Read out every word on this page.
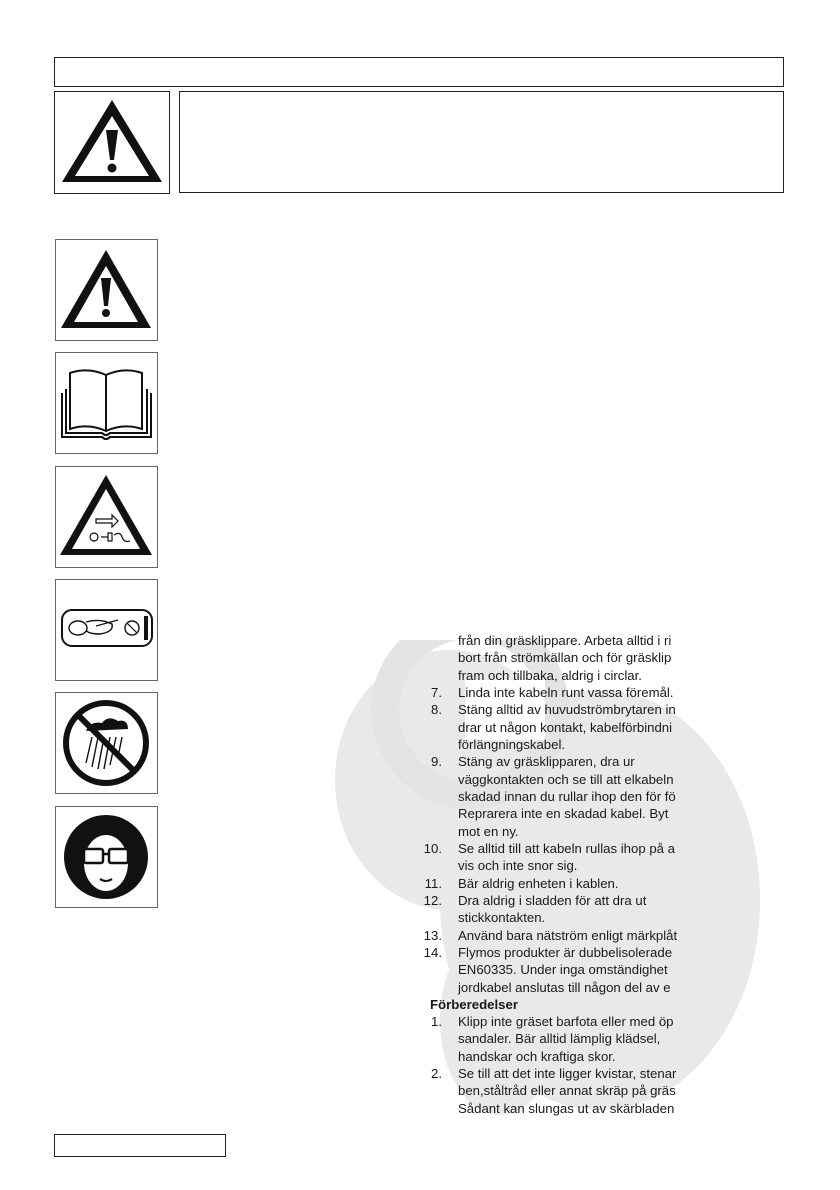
7.
8.
9.
10.
11.
12.
13.
14.
1.
2.
från din gräsklippare. Arbeta alltid i ri
bort från strömkällan och för gräsklip
fram och tillbaka, aldrig i circlar.
Linda inte kabeln runt vassa föremål.
Stäng alltid av huvudströmbrytaren in
drar ut någon kontakt, kabelförbindni
förlängningskabel.
Stäng av gräsklipparen, dra ur
väggkontakten och se till att elkabeln
skadad innan du rullar ihop den för fö
Reprarera inte en skadad kabel. Byt
mot en ny.
Se alltid till att kabeln rullas ihop på a
vis och inte snor sig.
Bär aldrig enheten i kablen.
Dra aldrig i sladden för att dra ut
stickkontakten.
Använd bara nätström enligt märkplåt
Flymos produkter är dubbelisolerade
EN60335. Under inga omständighet
jordkabel anslutas till någon del av e
Förberedelser
Klipp inte gräset barfota eller med öp
sandaler. Bär alltid lämplig klädsel,
handskar och kraftiga skor.
Se till att det inte ligger kvistar, stenar
ben,ståltråd eller annat skräp på gräs
Sådant kan slungas ut av skärbladen
